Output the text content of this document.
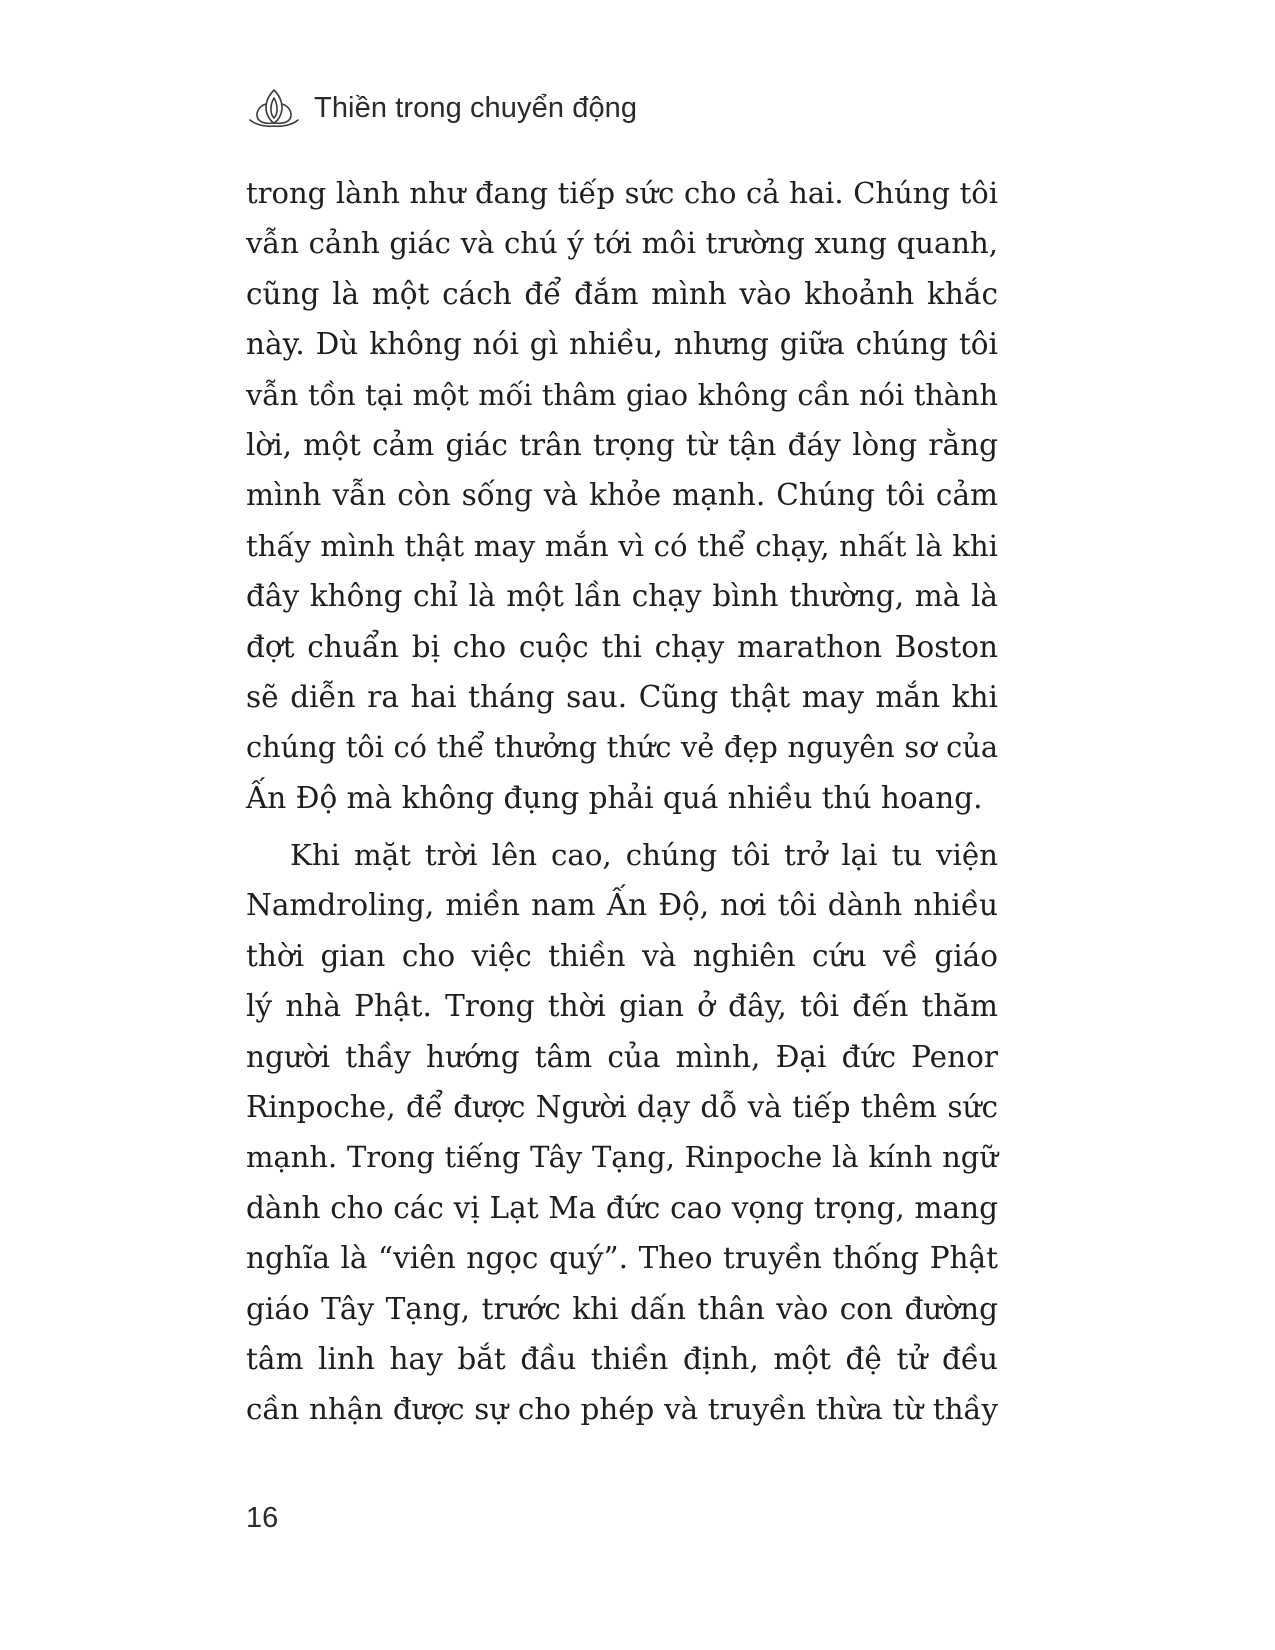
Thiền trong chuyển động
trong lành như đang tiếp sức cho cả hai. Chúng tôi
vẫn cảnh giác và chú ý tới môi trường xung quanh,
cũng là một cách để đắm mình vào khoảnh khắc
này. Dù không nói gì nhiều, nhưng giữa chúng tôi
vẫn tồn tại một mối thâm giao không cần nói thành
lời, một cảm giác trân trọng từ tận đáy lòng rằng
mình vẫn còn sống và khỏe mạnh. Chúng tôi cảm
thấy mình thật may mắn vì có thể chạy, nhất là khi
đây không chỉ là một lần chạy bình thường, mà là
đợt chuẩn bị cho cuộc thi chạy marathon Boston
sẽ diễn ra hai tháng sau. Cũng thật may mắn khi
chúng tôi có thể thưởng thức vẻ đẹp nguyên sơ của
Ấn Độ mà không đụng phải quá nhiều thú hoang.
Khi mặt trời lên cao, chúng tôi trở lại tu viện
Namdroling, miền nam Ấn Độ, nơi tôi dành nhiều
thời gian cho việc thiền và nghiên cứu về giáo
lý nhà Phật. Trong thời gian ở đây, tôi đến thăm
người thầy hướng tâm của mình, Đại đức Penor
Rinpoche, để được Người dạy dỗ và tiếp thêm sức
mạnh. Trong tiếng Tây Tạng, Rinpoche là kính ngữ
dành cho các vị Lạt Ma đức cao vọng trọng, mang
nghĩa là “viên ngọc quý”. Theo truyền thống Phật
giáo Tây Tạng, trước khi dấn thân vào con đường
tâm linh hay bắt đầu thiền định, một đệ tử đều
cần nhận được sự cho phép và truyền thừa từ thầy
16
